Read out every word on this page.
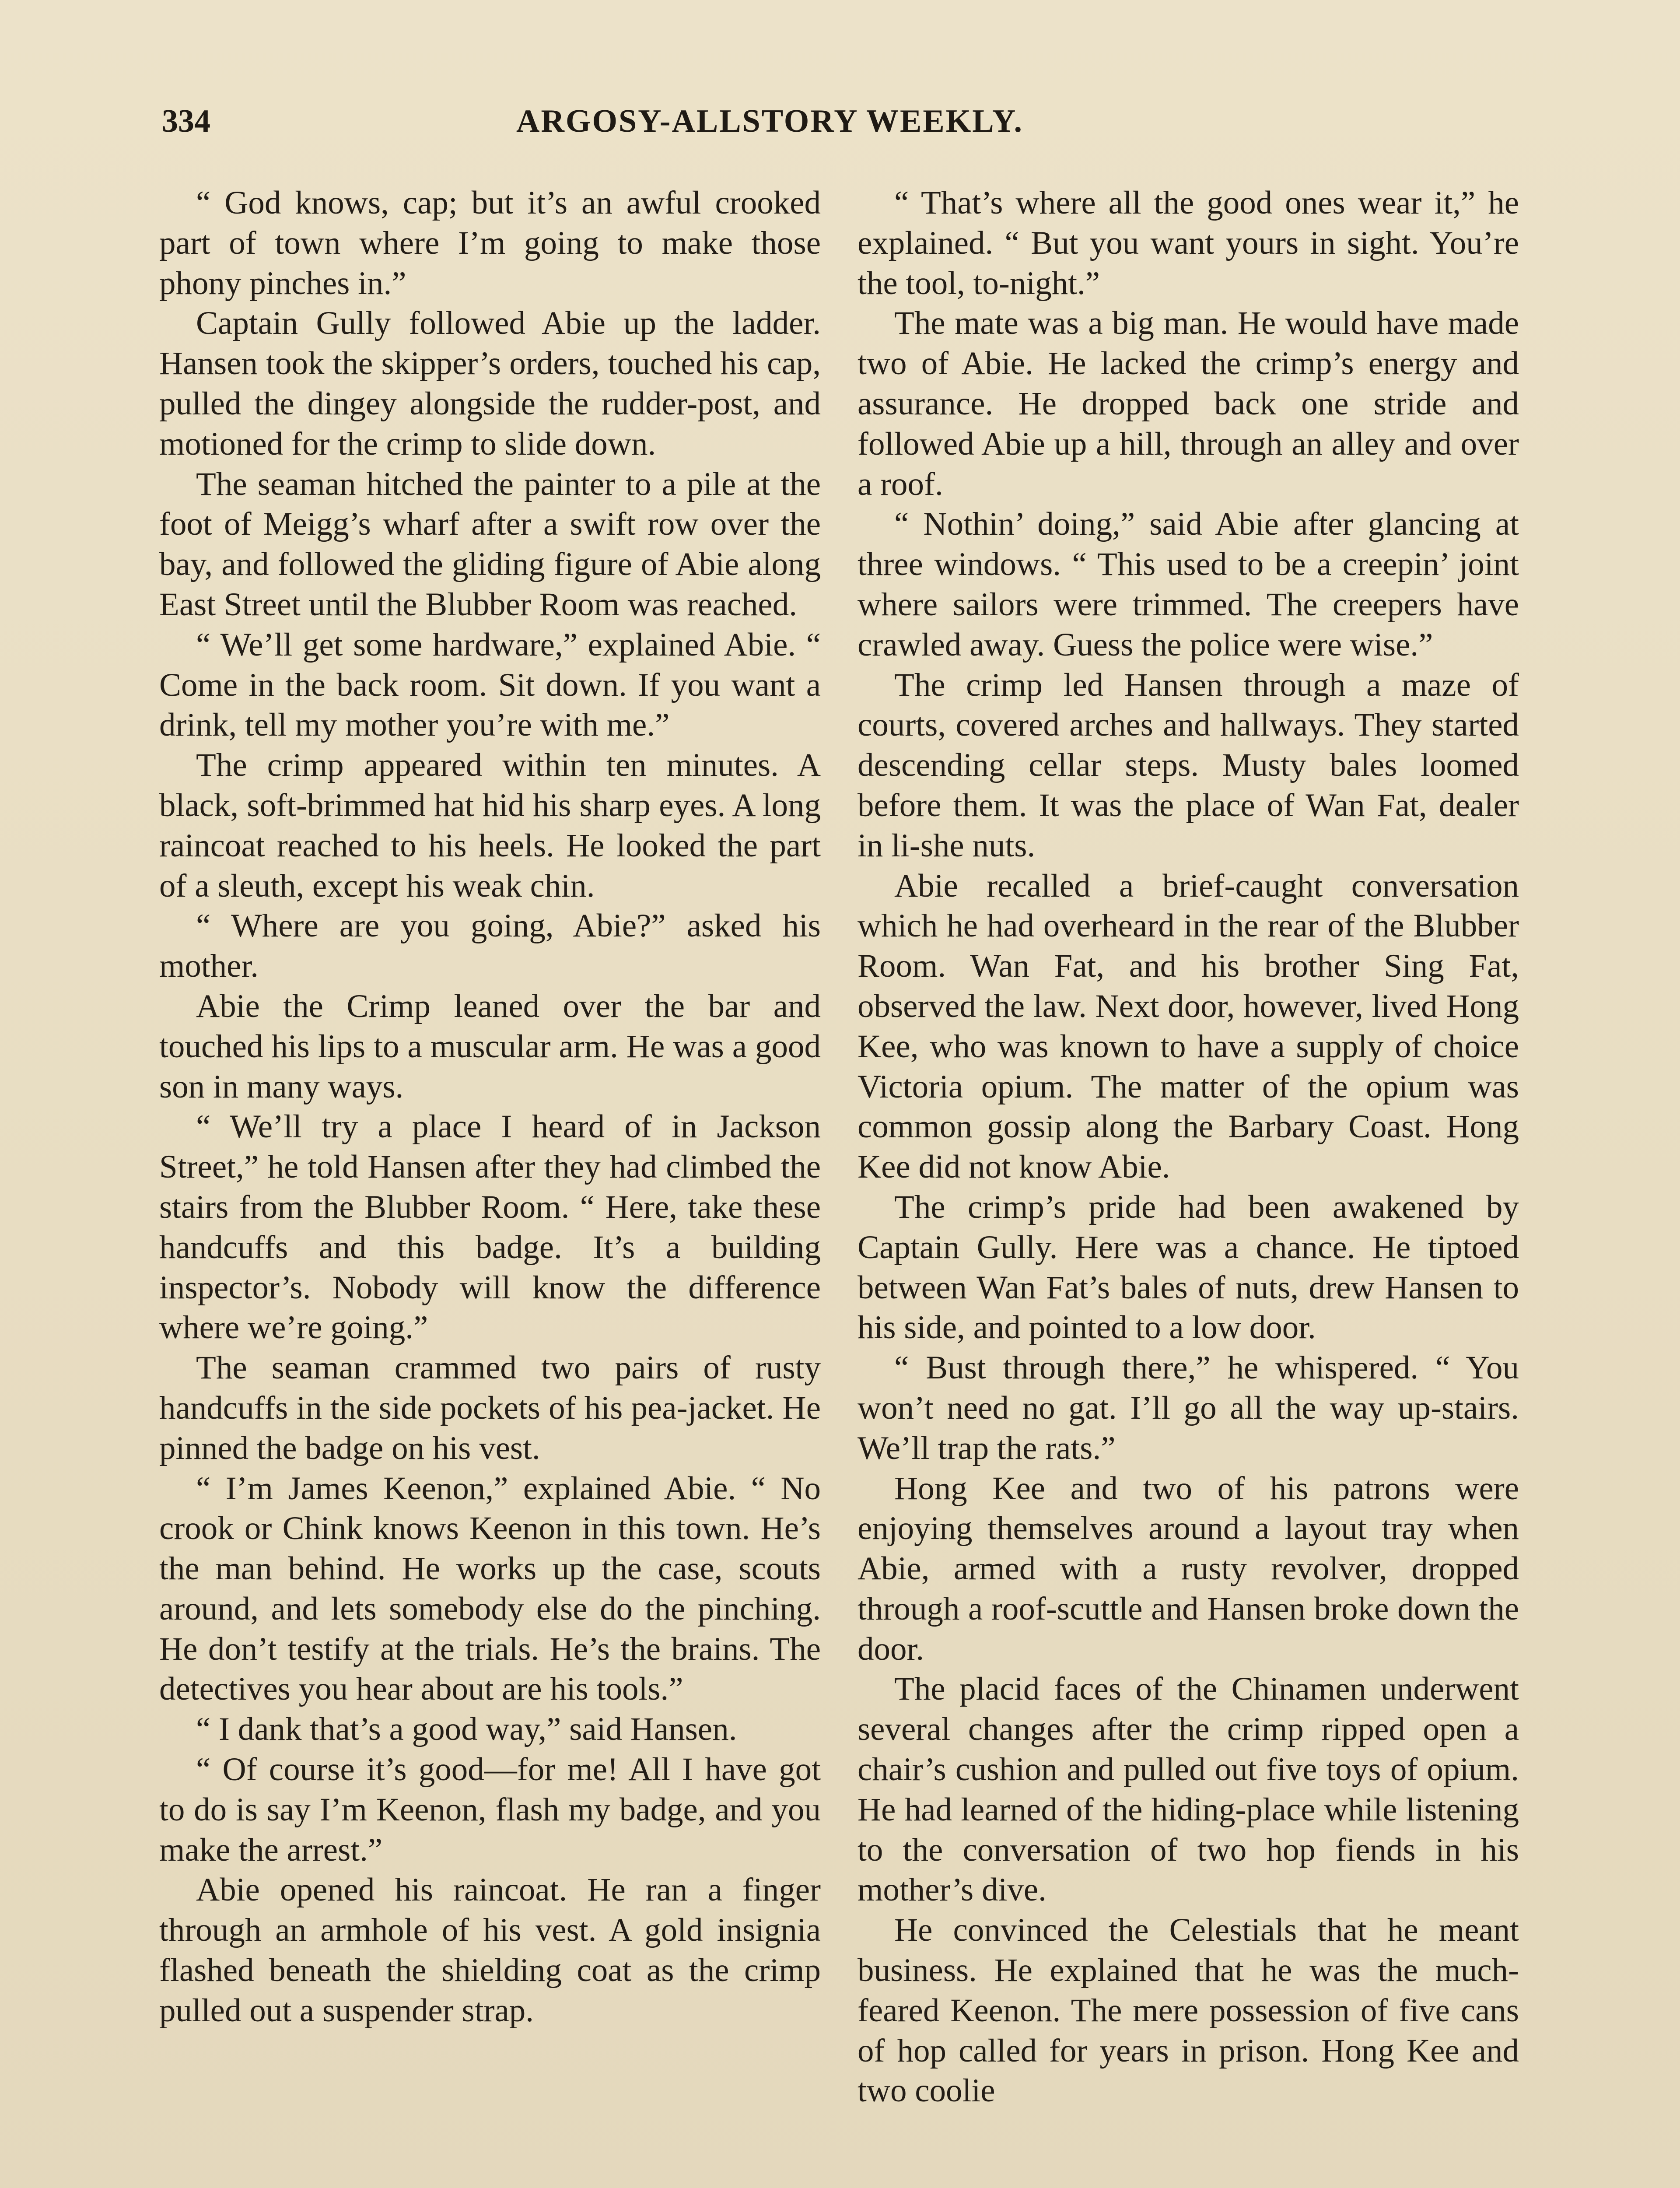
334	ARGOSY-ALLSTORY WEEKLY.

“ God knows, cap; but it’s an awful crooked part of town where I’m going to make those phony pinches in.”

Captain Gully followed Abie up the ladder. Hansen took the skipper’s orders, touched his cap, pulled the dingey alongside the rudder-post, and motioned for the crimp to slide down.

The seaman hitched the painter to a pile at the foot of Meigg’s wharf after a swift row over the bay, and followed the gliding figure of Abie along East Street until the Blubber Room was reached.

“ We’ll get some hardware,” explained Abie. “ Come in the back room. Sit down. If you want a drink, tell my mother you’re with me.”

The crimp appeared within ten minutes. A black, soft-brimmed hat hid his sharp eyes. A long raincoat reached to his heels. He looked the part of a sleuth, except his weak chin.

“ Where are you going, Abie?” asked his mother.

Abie the Crimp leaned over the bar and touched his lips to a muscular arm. He was a good son in many ways.

“ We’ll try a place I heard of in Jackson Street,” he told Hansen after they had climbed the stairs from the Blubber Room. “ Here, take these handcuffs and this badge. It’s a building inspector’s. Nobody will know the difference where we’re going.”

The seaman crammed two pairs of rusty handcuffs in the side pockets of his pea-jacket. He pinned the badge on his vest.

“ I’m James Keenon,” explained Abie. “ No crook or Chink knows Keenon in this town. He’s the man behind. He works up the case, scouts around, and lets somebody else do the pinching. He don’t testify at the trials. He’s the brains. The detectives you hear about are his tools.”

“ I dank that’s a good way,” said Hansen.

“ Of course it’s good—for me! All I have got to do is say I’m Keenon, flash my badge, and you make the arrest.”

Abie opened his raincoat. He ran a finger through an armhole of his vest. A gold insignia flashed beneath the shielding coat as the crimp pulled out a suspender strap.

“ That’s where all the good ones wear it,” he explained. “ But you want yours in sight. You’re the tool, to-night.”

The mate was a big man. He would have made two of Abie. He lacked the crimp’s energy and assurance. He dropped back one stride and followed Abie up a hill, through an alley and over a roof.

“ Nothin’ doing,” said Abie after glancing at three windows. “ This used to be a creepin’ joint where sailors were trimmed. The creepers have crawled away. Guess the police were wise.”

The crimp led Hansen through a maze of courts, covered arches and hallways. They started descending cellar steps. Musty bales loomed before them. It was the place of Wan Fat, dealer in li-she nuts.

Abie recalled a brief-caught conversation which he had overheard in the rear of the Blubber Room. Wan Fat, and his brother Sing Fat, observed the law. Next door, however, lived Hong Kee, who was known to have a supply of choice Victoria opium. The matter of the opium was common gossip along the Barbary Coast. Hong Kee did not know Abie.

The crimp’s pride had been awakened by Captain Gully. Here was a chance. He tiptoed between Wan Fat’s bales of nuts, drew Hansen to his side, and pointed to a low door.

“ Bust through there,” he whispered. “ You won’t need no gat. I’ll go all the way up-stairs. We’ll trap the rats.”

Hong Kee and two of his patrons were enjoying themselves around a layout tray when Abie, armed with a rusty revolver, dropped through a roof-scuttle and Hansen broke down the door.

The placid faces of the Chinamen underwent several changes after the crimp ripped open a chair’s cushion and pulled out five toys of opium. He had learned of the hiding-place while listening to the conversation of two hop fiends in his mother’s dive.

He convinced the Celestials that he meant business. He explained that he was the much-feared Keenon. The mere possession of five cans of hop called for years in prison. Hong Kee and two coolie
